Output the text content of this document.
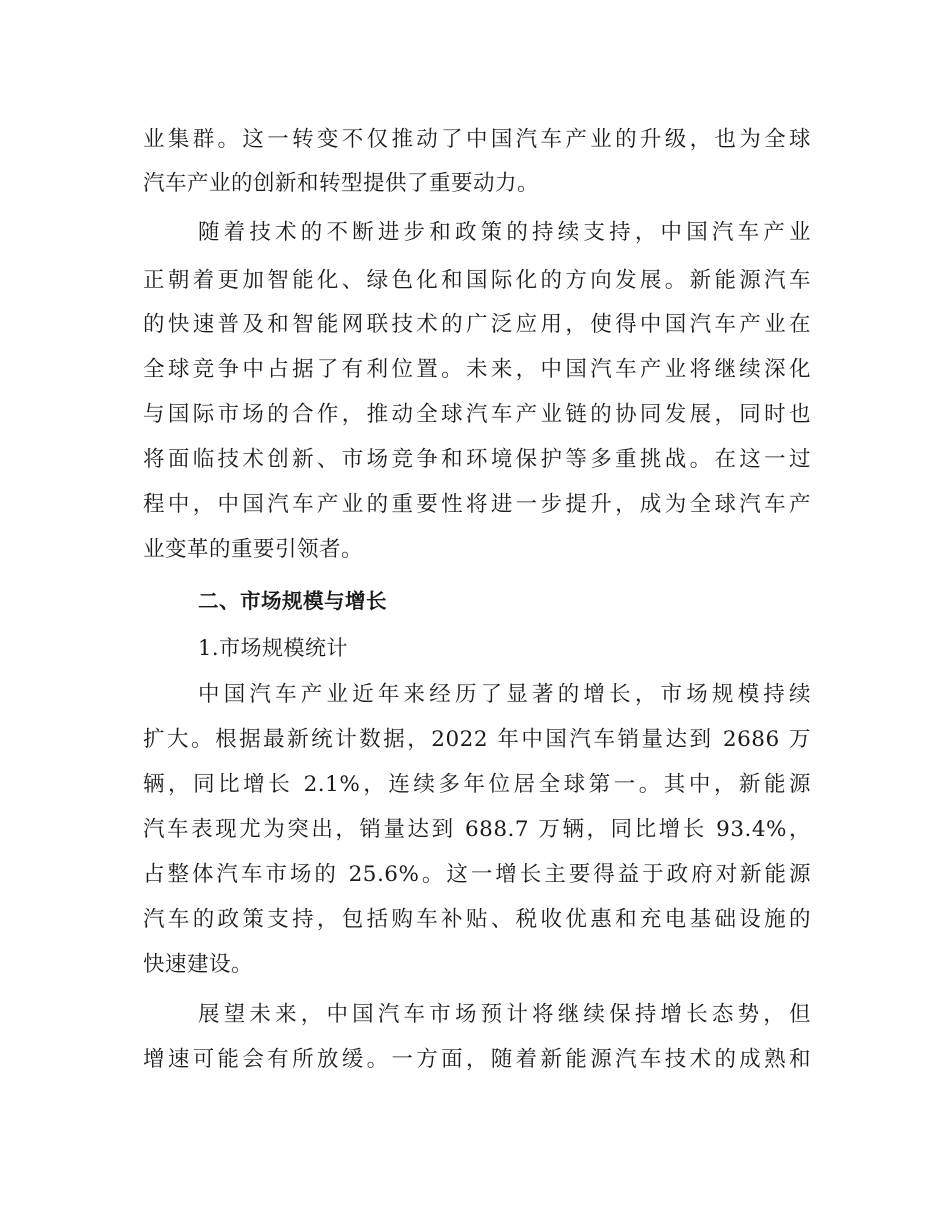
业集群。这一转变不仅推动了中国汽车产业的升级，也为全球
汽车产业的创新和转型提供了重要动力。
随着技术的不断进步和政策的持续支持，中国汽车产业
正朝着更加智能化、绿色化和国际化的方向发展。新能源汽车
的快速普及和智能网联技术的广泛应用，使得中国汽车产业在
全球竞争中占据了有利位置。未来，中国汽车产业将继续深化
与国际市场的合作，推动全球汽车产业链的协同发展，同时也
将面临技术创新、市场竞争和环境保护等多重挑战。在这一过
程中，中国汽车产业的重要性将进一步提升，成为全球汽车产
业变革的重要引领者。
二、市场规模与增长
1.市场规模统计
中国汽车产业近年来经历了显著的增长，市场规模持续
扩大。根据最新统计数据，2022 年中国汽车销量达到 2686 万
辆，同比增长 2.1%，连续多年位居全球第一。其中，新能源
汽车表现尤为突出，销量达到 688.7 万辆，同比增长 93.4%，
占整体汽车市场的 25.6%。这一增长主要得益于政府对新能源
汽车的政策支持，包括购车补贴、税收优惠和充电基础设施的
快速建设。
展望未来，中国汽车市场预计将继续保持增长态势，但
增速可能会有所放缓。一方面，随着新能源汽车技术的成熟和
